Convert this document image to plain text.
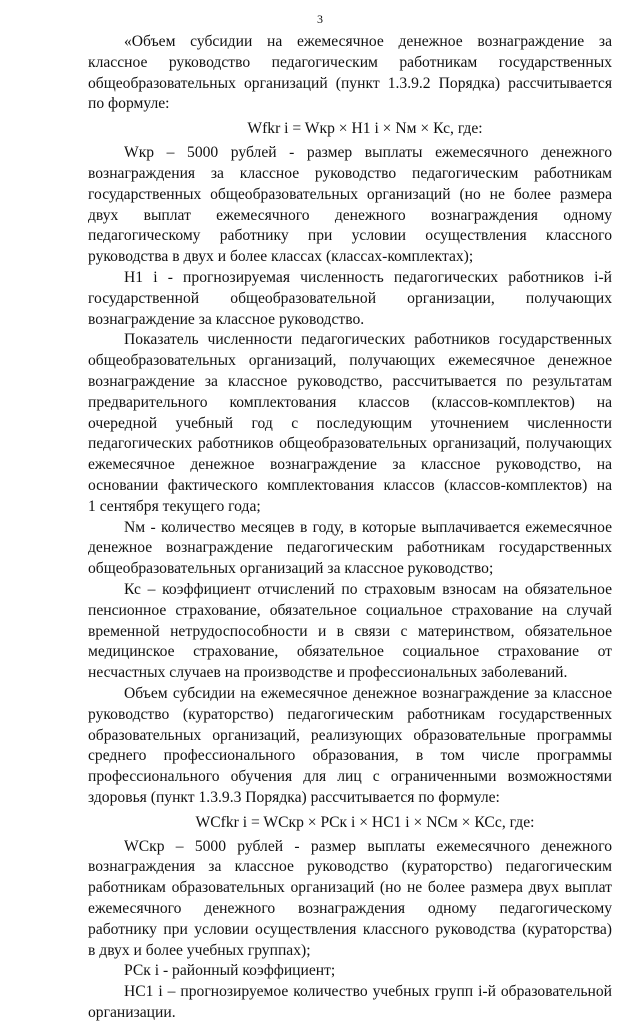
3
«Объем субсидии на ежемесячное денежное вознаграждение за
классное руководство педагогическим работникам государственных
общеобразовательных организаций (пункт 1.3.9.2 Порядка) рассчитывается
по формуле:
Wfkr i = Wкр × Н1 i × Nм × Кс, где:
Wкр – 5000 рублей - размер выплаты ежемесячного денежного
вознаграждения за классное руководство педагогическим работникам
государственных общеобразовательных организаций (но не более размера
двух выплат ежемесячного денежного вознаграждения одному
педагогическому работнику при условии осуществления классного
руководства в двух и более классах (классах-комплектах);
Н1 i - прогнозируемая численность педагогических работников i-й
государственной общеобразовательной организации, получающих
вознаграждение за классное руководство.
Показатель численности педагогических работников государственных
общеобразовательных организаций, получающих ежемесячное денежное
вознаграждение за классное руководство, рассчитывается по результатам
предварительного комплектования классов (классов-комплектов) на
очередной учебный год с последующим уточнением численности
педагогических работников общеобразовательных организаций, получающих
ежемесячное денежное вознаграждение за классное руководство, на
основании фактического комплектования классов (классов-комплектов) на
1 сентября текущего года;
Nм - количество месяцев в году, в которые выплачивается ежемесячное
денежное вознаграждение педагогическим работникам государственных
общеобразовательных организаций за классное руководство;
Кс – коэффициент отчислений по страховым взносам на обязательное
пенсионное страхование, обязательное социальное страхование на случай
временной нетрудоспособности и в связи с материнством, обязательное
медицинское страхование, обязательное социальное страхование от
несчастных случаев на производстве и профессиональных заболеваний.
Объем субсидии на ежемесячное денежное вознаграждение за классное
руководство (кураторство) педагогическим работникам государственных
образовательных организаций, реализующих образовательные программы
среднего профессионального образования, в том числе программы
профессионального обучения для лиц с ограниченными возможностями
здоровья (пункт 1.3.9.3 Порядка) рассчитывается по формуле:
WCfkr i = WCкр × PCк i × НС1 i × NСм × КСс, где:
WСкр – 5000 рублей - размер выплаты ежемесячного денежного
вознаграждения за классное руководство (кураторство) педагогическим
работникам образовательных организаций (но не более размера двух выплат
ежемесячного денежного вознаграждения одному педагогическому
работнику при условии осуществления классного руководства (кураторства)
в двух и более учебных группах);
РСк i - районный коэффициент;
НС1 i – прогнозируемое количество учебных групп i-й образовательной
организации.
